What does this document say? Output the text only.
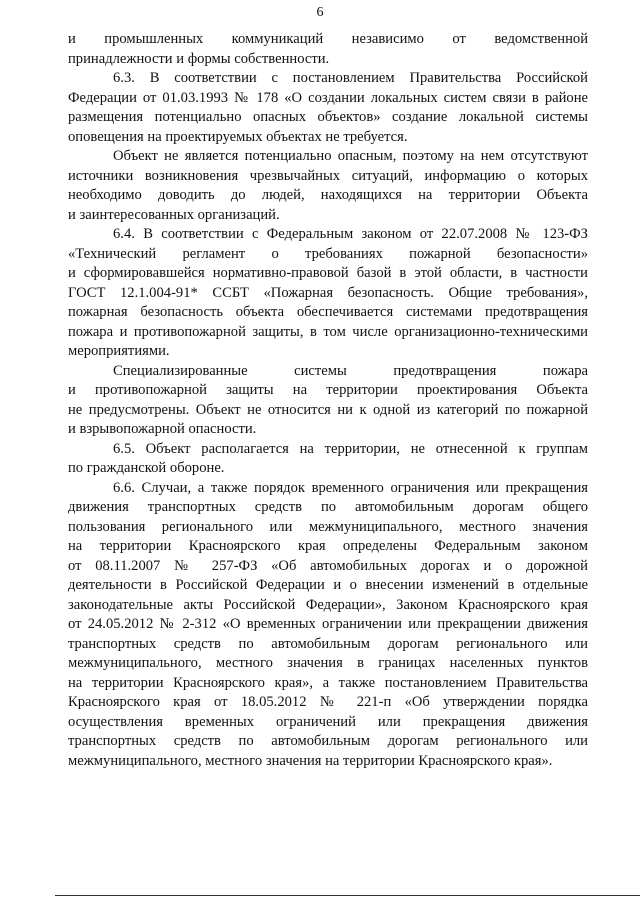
6
и промышленных коммуникаций независимо от ведомственной
принадлежности и формы собственности.
6.3. В соответствии с постановлением Правительства Российской
Федерации от 01.03.1993 № 178 «О создании локальных систем связи в районе
размещения потенциально опасных объектов» создание локальной системы
оповещения на проектируемых объектах не требуется.
Объект не является потенциально опасным, поэтому на нем отсутствуют
источники возникновения чрезвычайных ситуаций, информацию о которых
необходимо доводить до людей, находящихся на территории Объекта
и заинтересованных организаций.
6.4. В соответствии с Федеральным законом от 22.07.2008 № 123-ФЗ
«Технический регламент о требованиях пожарной безопасности»
и сформировавшейся нормативно-правовой базой в этой области, в частности
ГОСТ 12.1.004-91* ССБТ «Пожарная безопасность. Общие требования»,
пожарная безопасность объекта обеспечивается системами предотвращения
пожара и противопожарной защиты, в том числе организационно-техническими
мероприятиями.
Специализированные системы предотвращения пожара
и противопожарной защиты на территории проектирования Объекта
не предусмотрены. Объект не относится ни к одной из категорий по пожарной
и взрывопожарной опасности.
6.5. Объект располагается на территории, не отнесенной к группам
по гражданской обороне.
6.6. Случаи, а также порядок временного ограничения или прекращения
движения транспортных средств по автомобильным дорогам общего
пользования регионального или межмуниципального, местного значения
на территории Красноярского края определены Федеральным законом
от 08.11.2007 № 257-ФЗ «Об автомобильных дорогах и о дорожной
деятельности в Российской Федерации и о внесении изменений в отдельные
законодательные акты Российской Федерации», Законом Красноярского края
от 24.05.2012 № 2-312 «О временных ограничении или прекращении движения
транспортных средств по автомобильным дорогам регионального или
межмуниципального, местного значения в границах населенных пунктов
на территории Красноярского края», а также постановлением Правительства
Красноярского края от 18.05.2012 № 221-п «Об утверждении порядка
осуществления временных ограничений или прекращения движения
транспортных средств по автомобильным дорогам регионального или
межмуниципального, местного значения на территории Красноярского края».
